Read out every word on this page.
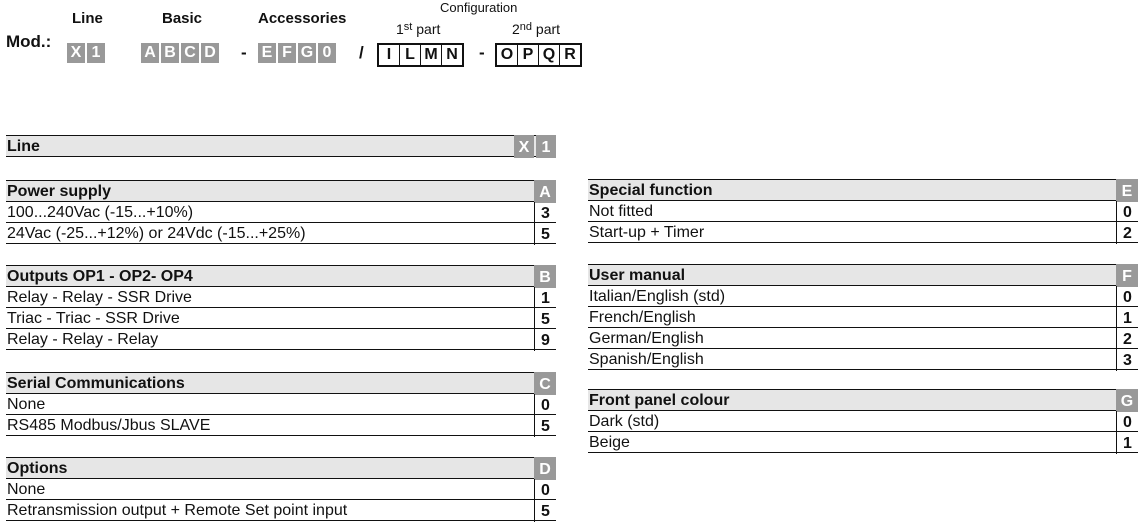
Mod.:
Line	Basic	Accessories
Configuration
1st part	2nd part
X 1	A B C D - E F G 0 /	I L M N - O P Q R
Line	X 1
Power supply	A
100...240Vac (-15...+10%)	3
24Vac (-25...+12%) or 24Vdc (-15...+25%)	5
Outputs OP1 - OP2- OP4	B
Relay - Relay - SSR Drive	1
Triac - Triac - SSR Drive	5
Relay - Relay - Relay	9
Serial Communications	C
None	0
RS485 Modbus/Jbus SLAVE	5
Options	D
None	0
Retransmission output + Remote Set point input	5
Special function	E
Not fitted	0
Start-up + Timer	2
User manual	F
Italian/English (std)	0
French/English	1
German/English	2
Spanish/English	3
Front panel colour	G
Dark (std)	0
Beige	1
